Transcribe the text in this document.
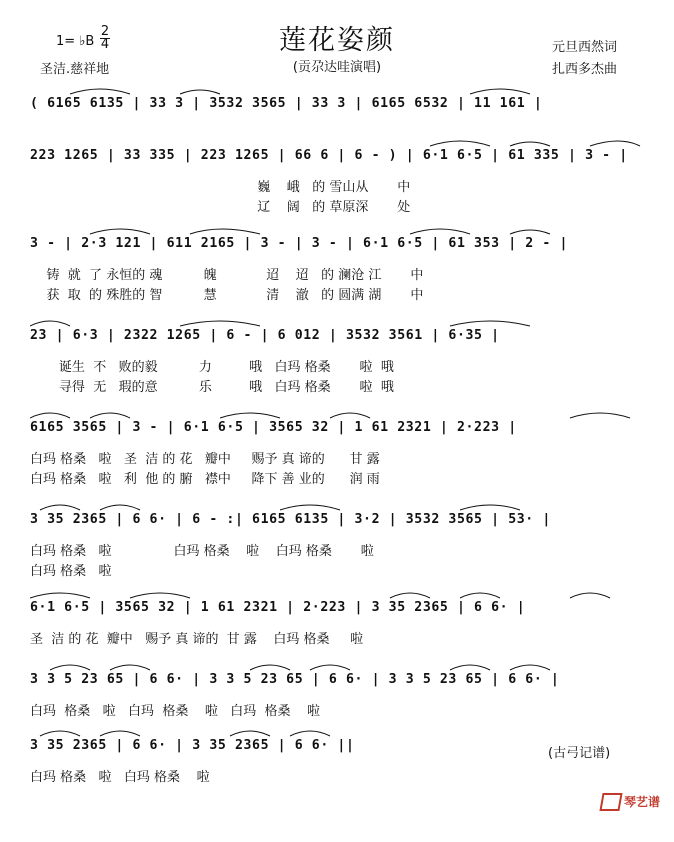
1= ♭B
2
4	莲花姿颜
(贡尕达哇演唱)
圣洁.慈祥地
元旦西然词
扎西多杰曲
( 6165 6135 | 33 3 | 3532 3565 | 33 3 | 6165 6532 | 11 161 |
223 1265 | 33 335 | 223 1265 | 66 6 | 6 - ) | 6·1 6·5 | 61 335 | 3 - |
巍    峨   的 雪山从       中
辽    阔   的 草原深       处
3 - | 2·3 121 | 611 2165 | 3 - | 3 - | 6·1 6·5 | 61 353 | 2 - |
铸  就  了 永恒的 魂          魄            迢    迢   的 澜沧 江       中
获  取  的 殊胜的 智          慧            清    澈   的 圆满 湖       中
23 | 6·3 | 2322 1265 | 6 - | 6 012 | 3532 3561 | 6·35 |
诞生  不   败的毅          力         哦   白玛 格桑       啦  哦
寻得  无   瑕的意          乐         哦   白玛 格桑       啦  哦
6165 3565 | 3 - | 6·1 6·5 | 3565 32 | 1 61 2321 | 2·223 |
白玛 格桑   啦   圣  洁 的 花   瓣中     赐予 真 谛的      甘 露
白玛 格桑   啦   利  他 的 腑   襟中     降下 善 业的      润 雨
3 35 2365 | 6 6· | 6 - :| 6165 6135 | 3·2 | 3532 3565 | 53· |
白玛 格桑   啦               白玛 格桑    啦    白玛 格桑       啦
白玛 格桑   啦
6·1 6·5 | 3565 32 | 1 61 2321 | 2·223 | 3 35 2365 | 6 6· |
圣  洁 的 花  瓣中   赐予 真 谛的  甘 露    白玛 格桑     啦
3 3 5 23 65 | 6 6· | 3 3 5 23 65 | 6 6· | 3 3 5 23 65 | 6 6· |
白玛  格桑   啦   白玛  格桑    啦   白玛  格桑    啦
3 35 2365 | 6 6· | 3 35 2365 | 6 6· ||
白玛 格桑   啦   白玛 格桑    啦
(古弓记谱)
琴艺谱
